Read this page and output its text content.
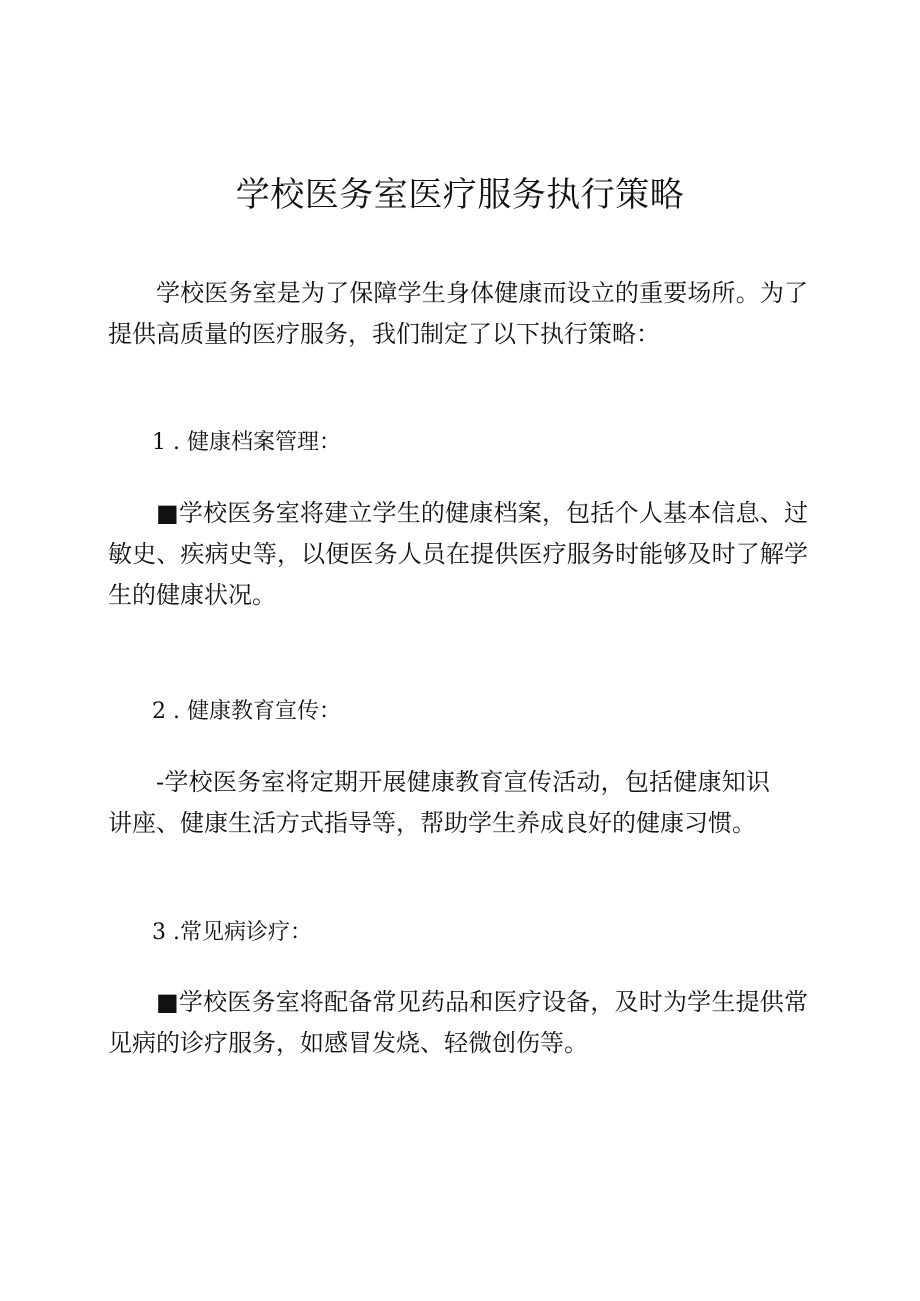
学校医务室医疗服务执行策略

学校医务室是为了保障学生身体健康而设立的重要场所。为了提供高质量的医疗服务，我们制定了以下执行策略：

1 . 健康档案管理：

■学校医务室将建立学生的健康档案，包括个人基本信息、过敏史、疾病史等，以便医务人员在提供医疗服务时能够及时了解学生的健康状况。

2 . 健康教育宣传：

-学校医务室将定期开展健康教育宣传活动，包括健康知识讲座、健康生活方式指导等，帮助学生养成良好的健康习惯。

3 .常见病诊疗：

■学校医务室将配备常见药品和医疗设备，及时为学生提供常见病的诊疗服务，如感冒发烧、轻微创伤等。
